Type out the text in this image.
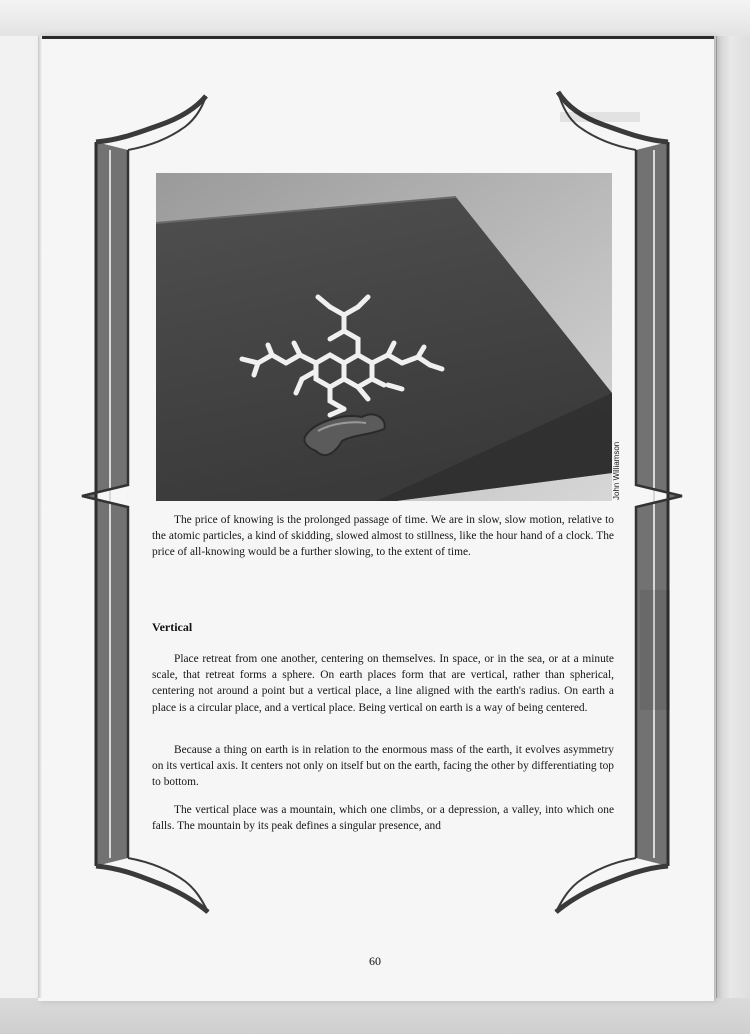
John Williamson

The price of knowing is the prolonged passage of time. We are in slow, slow motion, relative to the atomic particles, a kind of skidding, slowed almost to stillness, like the hour hand of a clock. The price of all-knowing would be a further slowing, to the extent of time.

Vertical

Place retreat from one another, centering on themselves. In space, or in the sea, or at a minute scale, that retreat forms a sphere. On earth places form that are vertical, rather than spherical, centering not around a point but a vertical place, a line aligned with the earth's radius. On earth a place is a circular place, and a vertical place. Being vertical on earth is a way of being centered.

Because a thing on earth is in relation to the enormous mass of the earth, it evolves asymmetry on its vertical axis. It centers not only on itself but on the earth, facing the other by differentiating top to bottom.

The vertical place was a mountain, which one climbs, or a depression, a valley, into which one falls. The mountain by its peak defines a singular presence, and

60
